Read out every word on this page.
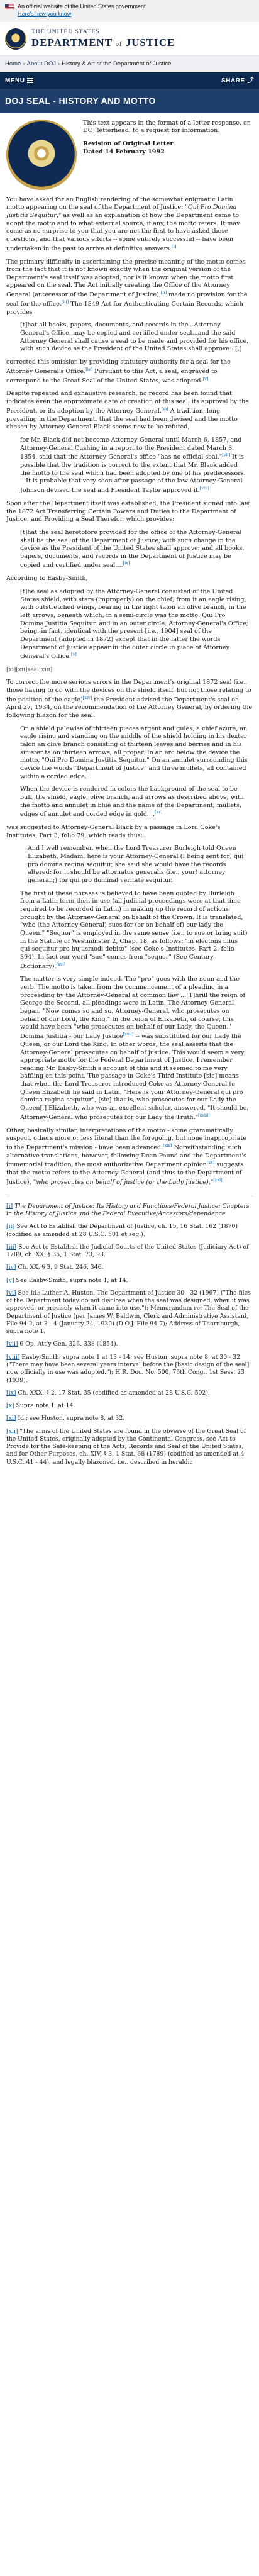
An official website of the United States government
Here's how you know
THE UNITED STATES
DEPARTMENT of JUSTICE
Home › About DOJ › History & Art of the Department of Justice
MENU	SHARE ⤴
DOJ SEAL - HISTORY AND MOTTO

This text appears in the format of a letter response, on DOJ letterhead, to a request for information.

Revision of Original Letter
Dated 14 February 1992

You have asked for an English rendering of the somewhat enigmatic Latin motto appearing on the seal of the Department of Justice: "Qui Pro Domina Justitia Sequitur," as well as an explanation of how the Department came to adopt the motto and to what external source, if any, the motto refers. It may come as no surprise to you that you are not the first to have asked these questions, and that various efforts -- some entirely successful -- have been undertaken in the past to arrive at definitive answers.[i]

The primary difficulty in ascertaining the precise meaning of the motto comes from the fact that it is not known exactly when the original version of the Department's seal itself was adopted, nor is it known when the motto first appeared on the seal. The Act initially creating the Office of the Attorney General (antecessor of the Department of Justice),[ii] made no provision for the seal for the office.[iii] The 1849 Act for Authenticating Certain Records, which provides

[t]hat all books, papers, documents, and records in the...Attorney General's Office, may be copied and certified under seal...and the said Attorney General shall cause a seal to be made and provided for his office, with such device as the President of the United States shall approve...[,]

corrected this omission by providing statutory authority for a seal for the Attorney General's Office.[iv] Pursuant to this Act, a seal, engraved to correspond to the Great Seal of the United States, was adopted.[v]

Despite repeated and exhaustive research, no record has been found that indicates even the approximate date of creation of this seal, its approval by the President, or its adoption by the Attorney General.[vi] A tradition, long prevailing in the Department, that the seal had been devised and the motto chosen by Attorney General Black seems now to be refuted,

for Mr. Black did not become Attorney-General until March 6, 1857, and Attorney-General Cushing in a report to the President dated March 8, 1854, said that the Attorney-General's office "has no official seal."[vii] It is possible that the tradition is correct to the extent that Mr. Black added the motto to the seal which had been adopted by one of his predecessors. ...It is probable that very soon after passage of the law Attorney-General Johnson devised the seal and President Taylor approved it.[viii]

Soon after the Department itself was established, the President signed into law the 1872 Act Transferring Certain Powers and Duties to the Department of Justice, and Providing a Seal Therefor, which provides:

[t]hat the seal heretofore provided for the office of the Attorney-General shall be the seal of the Department of Justice, with such change in the device as the President of the United States shall approve; and all books, papers, documents, and records in the Department of Justice may be copied and certified under seal....[ix]

According to Easby-Smith,

[t]he seal as adopted by the Attorney-General consisted of the United States shield, with stars (improperly) on the chief; from it an eagle rising, with outstretched wings, bearing in the right talon an olive branch, in the left arrows, beneath which, in a semi-circle was the motto: Qui Pro Domina Justitia Sequitur, and in an outer circle: Attorney-General's Office; being, in fact, identical with the present [i.e., 1904] seal of the Department (adopted in 1872) except that in the latter the words Department of Justice appear in the outer circle in place of Attorney General's Office.[x]

[xi][xii]seal[xiii]

To correct the more serious errors in the Department's original 1872 seal (i.e., those having to do with the devices on the shield itself, but not those relating to the position of the eagle)[xiv] the President advised the Department's seal on April 27, 1934, on the recommendation of the Attorney General, by ordering the following blazon for the seal:

On a shield palewise of thirteen pieces argent and gules, a chief azure, an eagle rising and standing on the middle of the shield holding in his dexter talon an olive branch consisting of thirteen leaves and berries and in his sinister talon thirteen arrows, all proper. In an arc below the device the motto, "Qui Pro Domina Justitia Sequitur." On an annulet surrounding this device the words "Department of Justice" and three mullets, all contained within a corded edge.

When the device is rendered in colors the background of the seal to be buff, the shield, eagle, olive branch, and arrows as described above, with the motto and annulet in blue and the name of the Department, mullets, edges of annulet and corded edge in gold....[xv]

was suggested to Attorney-General Black by a passage in Lord Coke's Institutes, Part 3, folio 79, which reads thus:

And I well remember, when the Lord Treasurer Burleigh told Queen Elizabeth, Madam, here is your Attorney-General (I being sent for) qui pro domina regina sequitur, she said she would have the records altered; for it should be attornatus generalis (i.e., your) attorney generall;) for qui pro dominal veritate sequitur.

The first of these phrases is believed to have been quoted by Burleigh from a Latin term then in use (all judicial proceedings were at that time required to be recorded in Latin) in making up the record of actions brought by the Attorney-General on behalf of the Crown. It is translated, "who (the Attorney-General) sues for (or on behalf of) our lady the Queen." "Sequor" is employed in the same sense (i.e., to sue or bring suit) in the Statute of Westminster 2, Chap. 18, as follows: "in electons illius qui sequitur pro hujusmodi debito" (see Coke's Institutes, Part 2, folio 394). In fact our word "sue" comes from "sequor" (See Century Dictionary).[xvi]

The matter is very simple indeed. The "pro" goes with the noun and the verb. The motto is taken from the commencement of a pleading in a proceeding by the Attorney-General at common law ...[T]hrill the reign of George the Second, all pleadings were in Latin. The Attorney-General began, "Now comes so and so, Attorney-General, who prosecutes on behalf of our Lord, the King." In the reign of Elizabeth, of course, this would have been "who prosecutes on behalf of our Lady, the Queen." Domina Justitia - our Lady Justice[xvii] -- was substituted for our Lady the Queen, or our Lord the King. In other words, the seal asserts that the Attorney-General prosecutes on behalf of justice. This would seem a very appropriate motto for the Federal Department of Justice. I remember reading Mr. Easby-Smith's account of this and it seemed to me very baffling on this point. The passage in Coke's Third Institute [sic] means that when the Lord Treasurer introduced Coke as Attorney-General to Queen Elizabeth he said in Latin, "Here is your Attorney-General qui pro domina regina sequitur", [sic] that is, who prosecutes for our Lady the Queen[,] Elizabeth, who was an excellent scholar, answered, "It should be, Attorney-General who prosecutes for our Lady the Truth."[xviii]

Other, basically similar, interpretations of the motto - some grammatically suspect, others more or less literal than the foregoing, but none inappropriate to the Department's mission - have been advanced.[xix] Notwithstanding such alternative translations, however, following Dean Pound and the Department's immemorial tradition, the most authoritative Department opinion[xx] suggests that the motto refers to the Attorney General (and thus to the Department of Justice), "who prosecutes on behalf of justice (or the Lady Justice)."[xxi]

[i] The Department of Justice: Its History and Functions/Federal Justice: Chapters in the History of Justice and the Federal Executive/Ancestors/dependence

[ii] See Act to Establish the Department of Justice, ch. 15, 16 Stat. 162 (1870) (codified as amended at 28 U.S.C. 501 et seq.).

[iii] See Act to Establish the Judicial Courts of the United States (Judiciary Act) of 1789, ch. XX, § 35, 1 Stat. 73, 93.

[iv] Ch. XX, § 3, 9 Stat. 246, 346.

[v] See Easby-Smith, supra note 1, at 14.

[vi] See id.; Luther A. Huston, The Department of Justice 30 - 32 (1967) ("The files of the Department today do not disclose when the seal was designed, when it was approved, or precisely when it came into use."); Memorandum re: The Seal of the Department of Justice (per James W. Baldwin, Clerk and Administrative Assistant, File 94-2, at 3 - 4 (January 24, 1930) (D.O.J. File 94-7); Address of Thornburgh, supra note 1.

[vii] 6 Op. Att'y Gen. 326, 338 (1854).

[viii] Easby-Smith, supra note 1 at 13 - 14; see Huston, supra note 8, at 30 - 32 ("There may have been several years interval before the [basic design of the seal] now officially in use was adopted."); H.R. Doc. No. 500, 76th Cong., 1st Sess. 23 (1939).

[ix] Ch. XXX, § 2, 17 Stat. 35 (codified as amended at 28 U.S.C. 502).

[x] Supra note 1, at 14.

[xi] Id.; see Huston, supra note 8, at 32.

[xii] "The arms of the United States are found in the obverse of the Great Seal of the United States, originally adopted by the Continental Congress, see Act to Provide for the Safe-keeping of the Acts, Records and Seal of the United States, and for Other Purposes, ch. XIV, § 3, 1 Stat. 68 (1789) (codified as amended at 4 U.S.C. 41 - 44), and legally blazoned, i.e., described in heraldic
